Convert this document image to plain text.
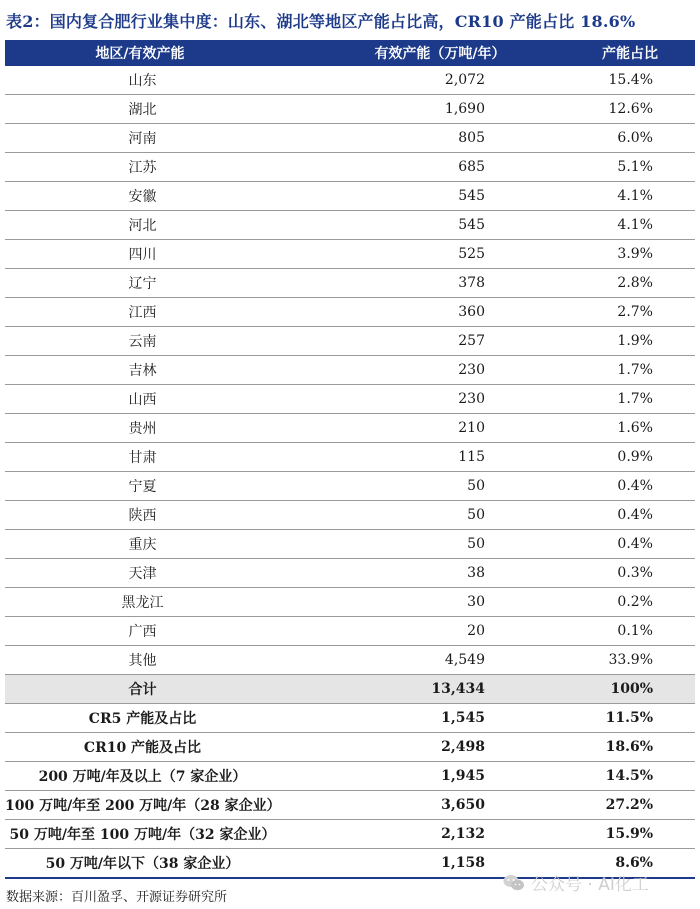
表2：国内复合肥行业集中度：山东、湖北等地区产能占比高，CR10 产能占比 18.6%
地区/有效产能	有效产能（万吨/年）	产能占比
山东	2,072	15.4%
湖北	1,690	12.6%
河南	805	6.0%
江苏	685	5.1%
安徽	545	4.1%
河北	545	4.1%
四川	525	3.9%
辽宁	378	2.8%
江西	360	2.7%
云南	257	1.9%
吉林	230	1.7%
山西	230	1.7%
贵州	210	1.6%
甘肃	115	0.9%
宁夏	50	0.4%
陕西	50	0.4%
重庆	50	0.4%
天津	38	0.3%
黑龙江	30	0.2%
广西	20	0.1%
其他	4,549	33.9%
合计	13,434	100%
CR5 产能及占比	1,545	11.5%
CR10 产能及占比	2,498	18.6%
200 万吨/年及以上（7 家企业）	1,945	14.5%
100 万吨/年至 200 万吨/年（28 家企业）	3,650	27.2%
50 万吨/年至 100 万吨/年（32 家企业）	2,132	15.9%
50 万吨/年以下（38 家企业）	1,158	8.6%
数据来源：百川盈孚、开源证券研究所
公众号 · AI化工
